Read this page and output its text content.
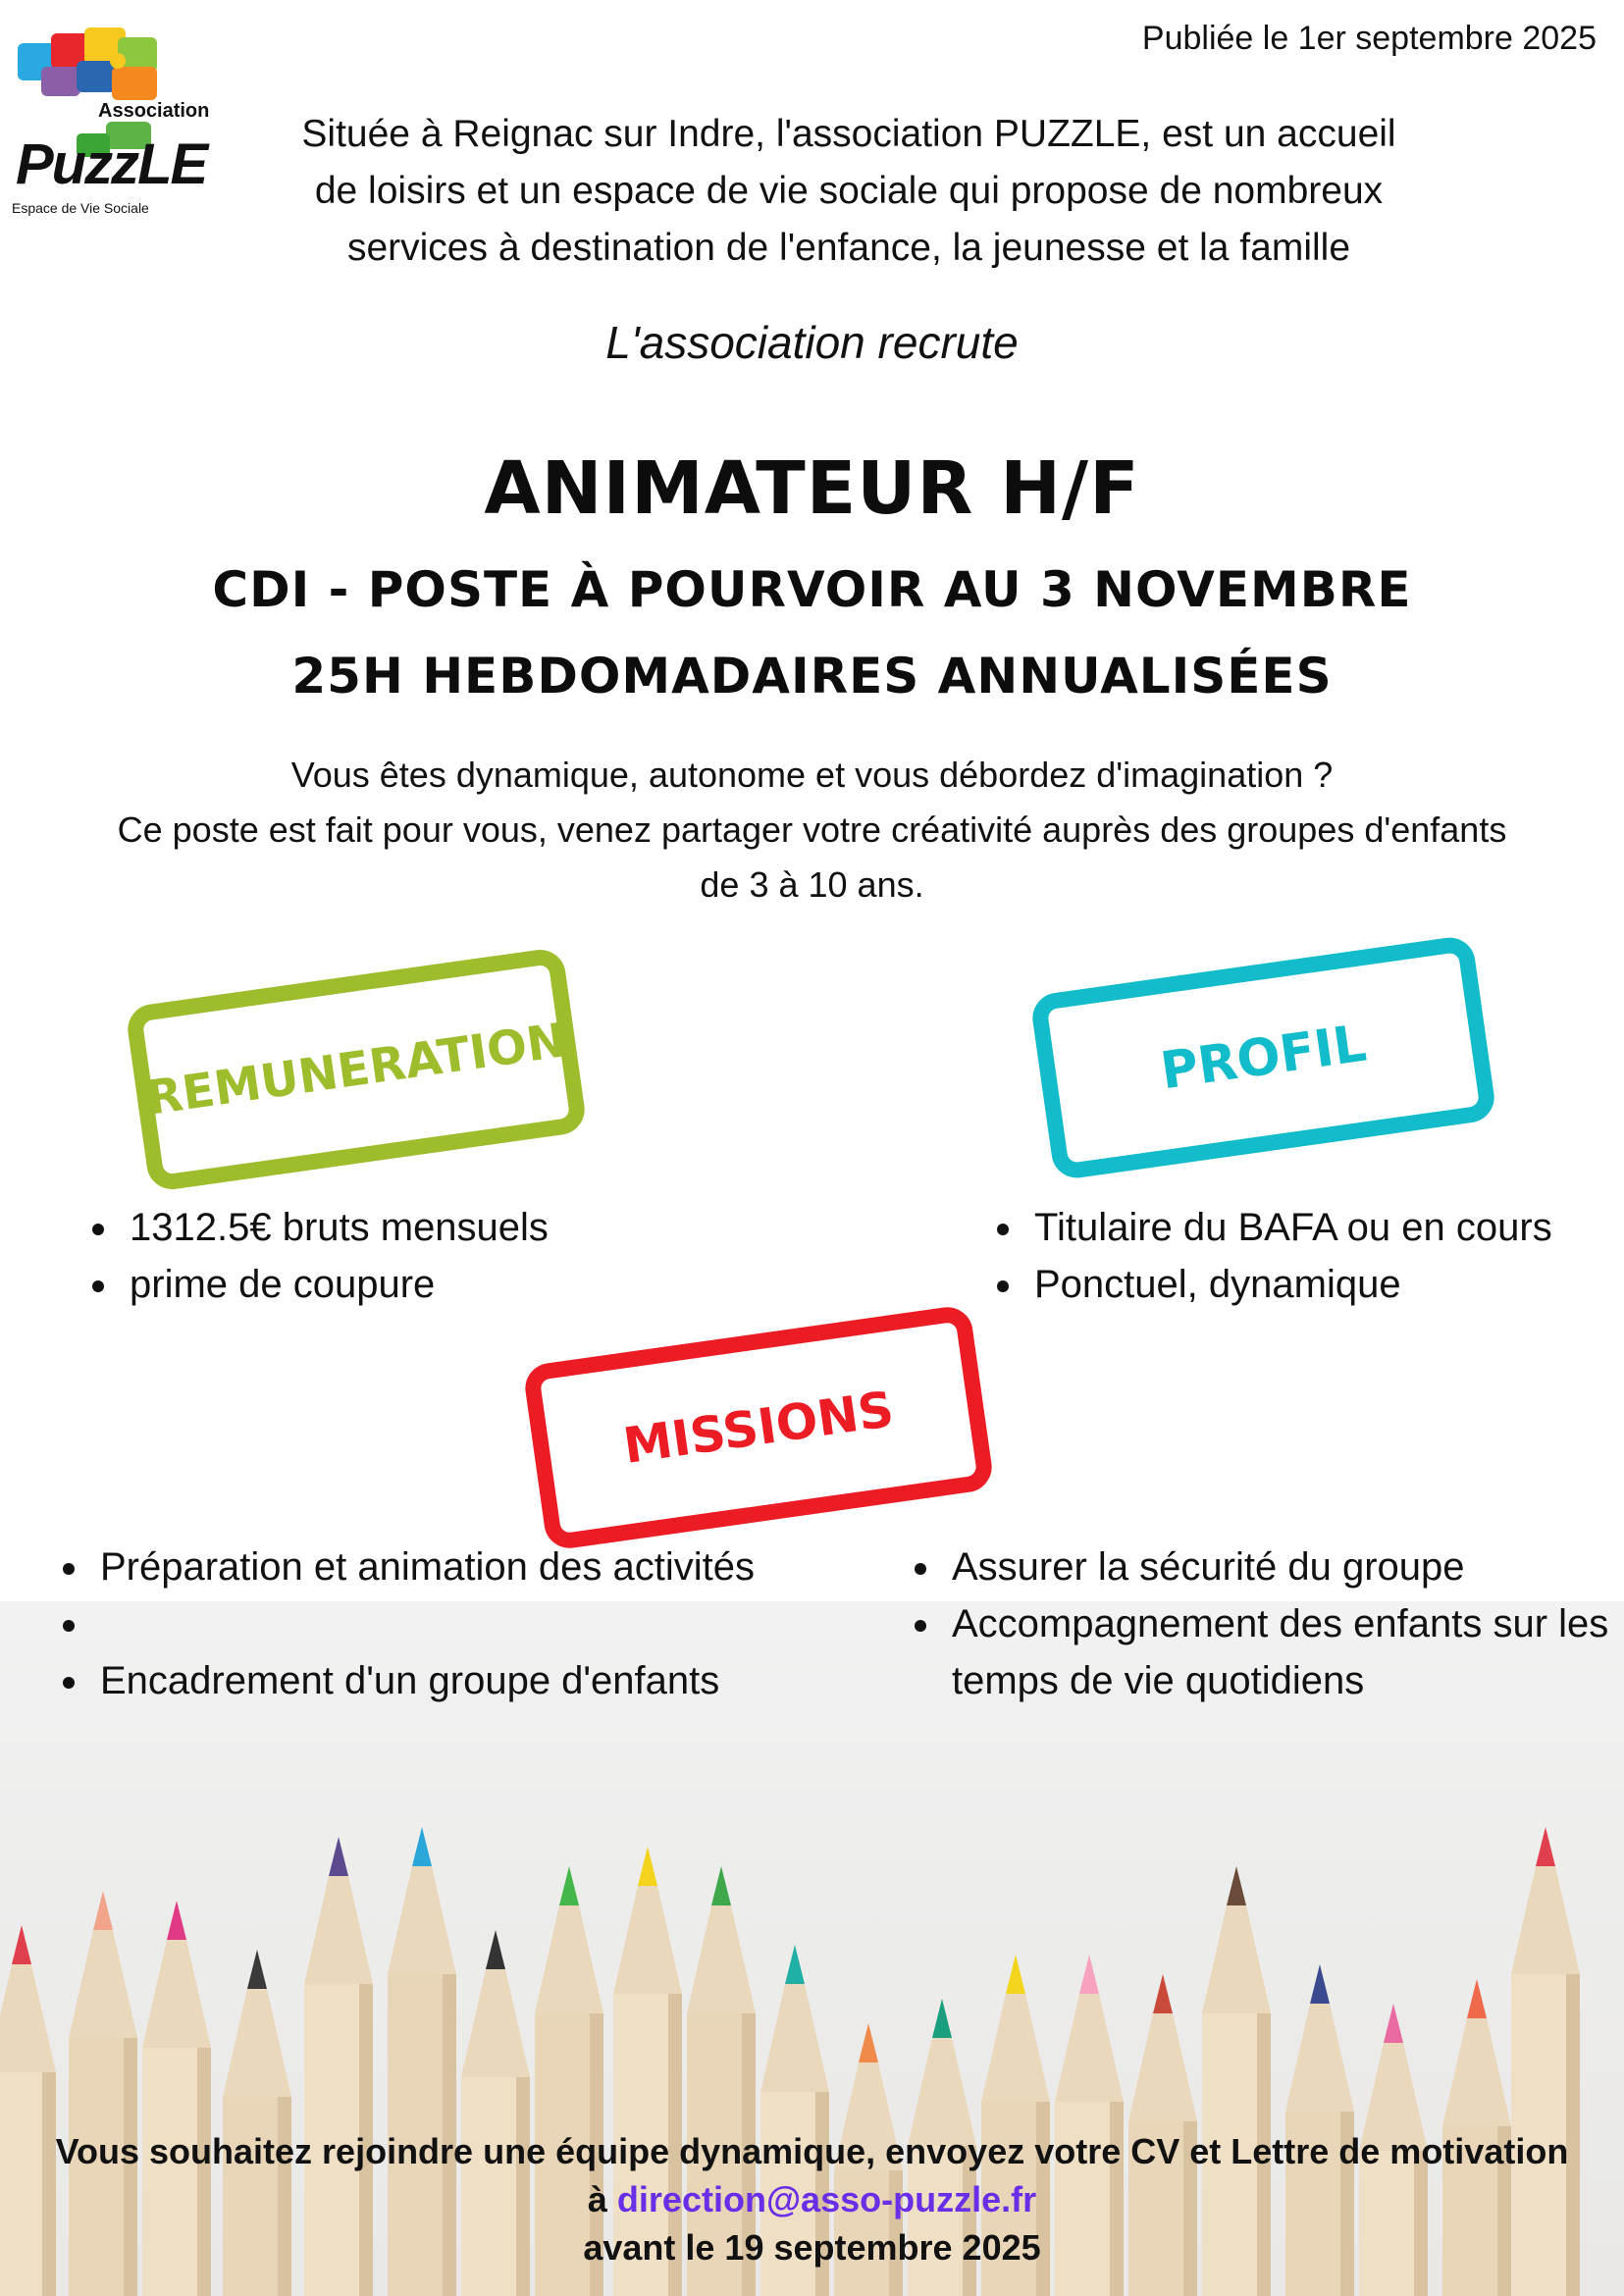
Publiée le 1er septembre 2025
Association
PuzzLE
Espace de Vie Sociale
Située à Reignac sur Indre, l'association PUZZLE, est un accueil
de loisirs et un espace de vie sociale qui propose de nombreux
services à destination de l'enfance, la jeunesse et la famille
L'association recrute
ANIMATEUR H/F
CDI - POSTE À POURVOIR AU 3 NOVEMBRE
25H HEBDOMADAIRES ANNUALISÉES
Vous êtes dynamique, autonome et vous débordez d'imagination ?
Ce poste est fait pour vous, venez partager votre créativité auprès des groupes d'enfants
de 3 à 10 ans.
REMUNERATION	PROFIL
MISSIONS
• 1312.5€ bruts mensuels
• prime de coupure
• Titulaire du BAFA ou en cours
• Ponctuel, dynamique
• Préparation et animation des activités
•
• Encadrement d'un groupe d'enfants
• Assurer la sécurité du groupe
• Accompagnement des enfants sur les temps de vie quotidiens
Vous souhaitez rejoindre une équipe dynamique, envoyez votre CV et Lettre de motivation
à direction@asso-puzzle.fr
avant le 19 septembre 2025
